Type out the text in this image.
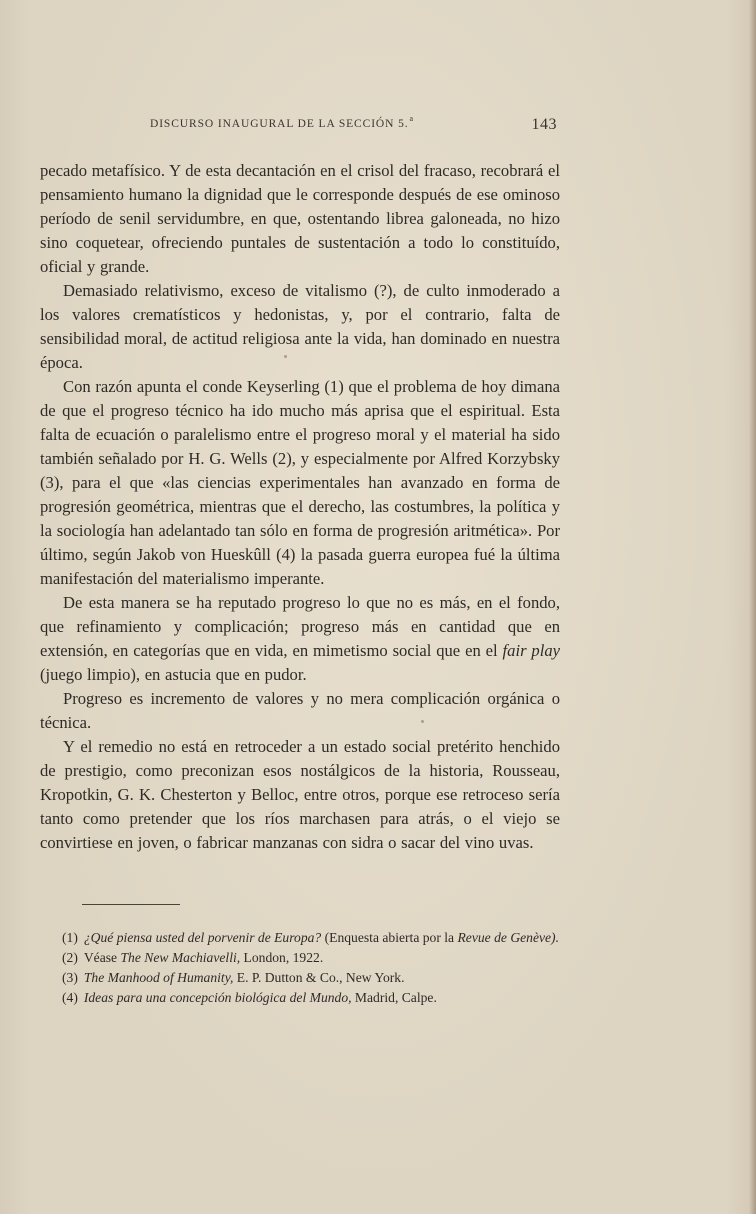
DISCURSO INAUGURAL DE LA SECCIÓN 5.$^a$	143

pecado metafísico. Y de esta decantación en el crisol del fracaso, recobrará el pensamiento humano la dignidad que le corresponde después de ese ominoso período de senil servidumbre, en que, ostentando librea galoneada, no hizo sino coquetear, ofreciendo puntales de sustentación a todo lo constituído, oficial y grande.

Demasiado relativismo, exceso de vitalismo (?), de culto inmoderado a los valores crematísticos y hedonistas, y, por el contrario, falta de sensibilidad moral, de actitud religiosa ante la vida, han dominado en nuestra época.

Con razón apunta el conde Keyserling (1) que el problema de hoy dimana de que el progreso técnico ha ido mucho más aprisa que el espiritual. Esta falta de ecuación o paralelismo entre el progreso moral y el material ha sido también señalado por H. G. Wells (2), y especialmente por Alfred Korzybsky (3), para el que «las ciencias experimentales han avanzado en forma de progresión geométrica, mientras que el derecho, las costumbres, la política y la sociología han adelantado tan sólo en forma de progresión aritmética». Por último, según Jakob von Hueskûll (4) la pasada guerra europea fué la última manifestación del materialismo imperante.

De esta manera se ha reputado progreso lo que no es más, en el fondo, que refinamiento y complicación; progreso más en cantidad que en extensión, en categorías que en vida, en mimetismo social que en el fair play (juego limpio), en astucia que en pudor.

Progreso es incremento de valores y no mera complicación orgánica o técnica.

Y el remedio no está en retroceder a un estado social pretérito henchido de prestigio, como preconizan esos nostálgicos de la historia, Rousseau, Kropotkin, G. K. Chesterton y Belloc, entre otros, porque ese retroceso sería tanto como pretender que los ríos marchasen para atrás, o el viejo se convirtiese en joven, o fabricar manzanas con sidra o sacar del vino uvas.

(1) ¿Qué piensa usted del porvenir de Europa? (Enquesta abierta por la Revue de Genève).

(2) Véase The New Machiavelli, London, 1922.

(3) The Manhood of Humanity, E. P. Dutton & Co., New York.

(4) Ideas para una concepción biológica del Mundo, Madrid, Calpe.
